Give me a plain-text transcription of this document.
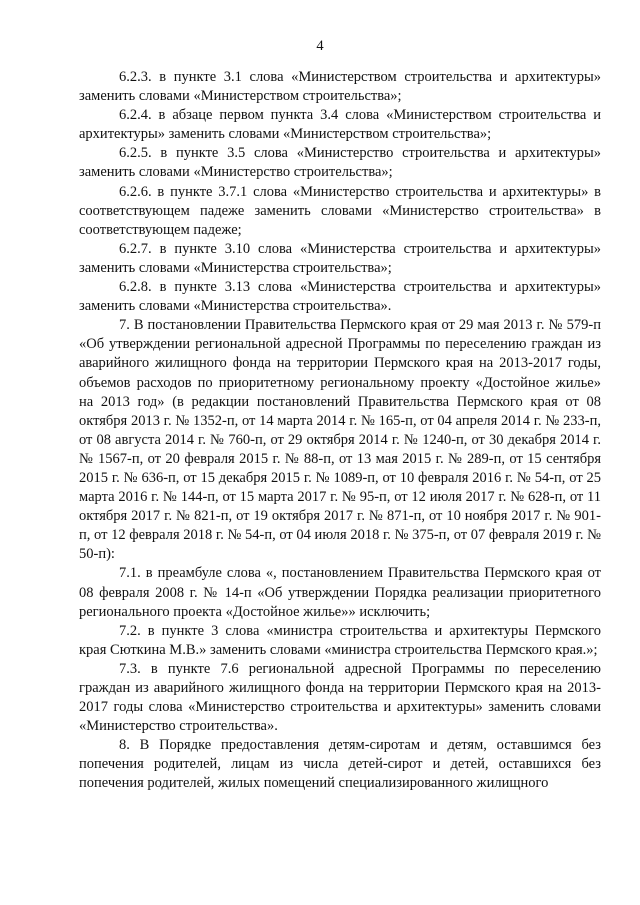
4

6.2.3. в пункте 3.1 слова «Министерством строительства и архитектуры» заменить словами «Министерством строительства»;

6.2.4. в абзаце первом пункта 3.4 слова «Министерством строительства и архитектуры» заменить словами «Министерством строительства»;

6.2.5. в пункте 3.5 слова «Министерство строительства и архитектуры» заменить словами «Министерство строительства»;

6.2.6. в пункте 3.7.1 слова «Министерство строительства и архитектуры» в соответствующем падеже заменить словами «Министерство строительства» в соответствующем падеже;

6.2.7. в пункте 3.10 слова «Министерства строительства и архитектуры» заменить словами «Министерства строительства»;

6.2.8. в пункте 3.13 слова «Министерства строительства и архитектуры» заменить словами «Министерства строительства».

7. В постановлении Правительства Пермского края от 29 мая 2013 г. № 579-п «Об утверждении региональной адресной Программы по переселению граждан из аварийного жилищного фонда на территории Пермского края на 2013-2017 годы, объемов расходов по приоритетному региональному проекту «Достойное жилье» на 2013 год» (в редакции постановлений Правительства Пермского края от 08 октября 2013 г. № 1352-п, от 14 марта 2014 г. № 165-п, от 04 апреля 2014 г. № 233-п, от 08 августа 2014 г. № 760-п, от 29 октября 2014 г. № 1240-п, от 30 декабря 2014 г. № 1567-п, от 20 февраля 2015 г. № 88-п, от 13 мая 2015 г. № 289-п, от 15 сентября 2015 г. № 636-п, от 15 декабря 2015 г. № 1089-п, от 10 февраля 2016 г. № 54-п, от 25 марта 2016 г. № 144-п, от 15 марта 2017 г. № 95-п, от 12 июля 2017 г. № 628-п, от 11 октября 2017 г. № 821-п, от 19 октября 2017 г. № 871-п, от 10 ноября 2017 г. № 901-п, от 12 февраля 2018 г. № 54-п, от 04 июля 2018 г. № 375-п, от 07 февраля 2019 г. № 50-п):

7.1. в преамбуле слова «, постановлением Правительства Пермского края от 08 февраля 2008 г. № 14-п «Об утверждении Порядка реализации приоритетного регионального проекта «Достойное жилье»» исключить;

7.2. в пункте 3 слова «министра строительства и архитектуры Пермского края Сюткина М.В.» заменить словами «министра строительства Пермского края.»;

7.3. в пункте 7.6 региональной адресной Программы по переселению граждан из аварийного жилищного фонда на территории Пермского края на 2013-2017 годы слова «Министерство строительства и архитектуры» заменить словами «Министерство строительства».

8. В Порядке предоставления детям-сиротам и детям, оставшимся без попечения родителей, лицам из числа детей-сирот и детей, оставшихся без попечения родителей, жилых помещений специализированного жилищного
